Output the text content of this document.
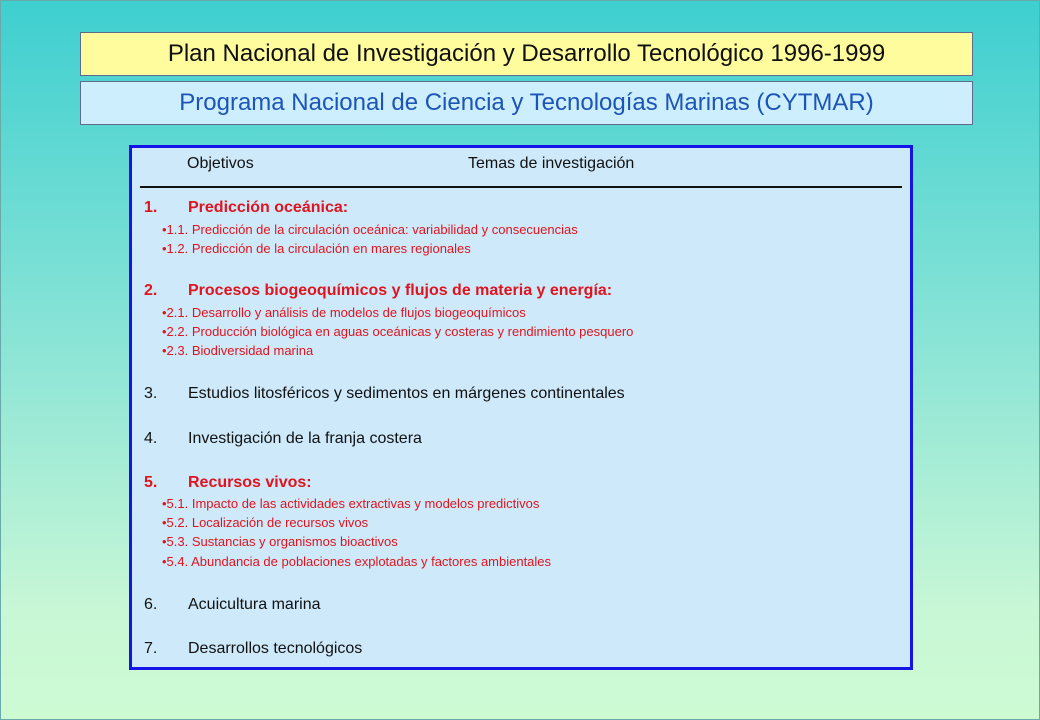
Plan Nacional de Investigación y Desarrollo Tecnológico 1996-1999
Programa Nacional de Ciencia y Tecnologías Marinas (CYTMAR)
Objetivos	Temas de investigación
1. Predicción oceánica:
•1.1. Predicción de la circulación oceánica: variabilidad y consecuencias
•1.2. Predicción de la circulación en mares regionales
2. Procesos biogeoquímicos y flujos de materia y energía:
•2.1. Desarrollo y análisis de modelos de flujos biogeoquímicos
•2.2. Producción biológica en aguas oceánicas y costeras y rendimiento pesquero
•2.3. Biodiversidad marina
3. Estudios litosféricos y sedimentos en márgenes continentales
4. Investigación de la franja costera
5. Recursos vivos:
•5.1. Impacto de las actividades extractivas y modelos predictivos
•5.2. Localización de recursos vivos
•5.3. Sustancias y organismos bioactivos
•5.4. Abundancia de poblaciones explotadas y factores ambientales
6. Acuicultura marina
7. Desarrollos tecnológicos
